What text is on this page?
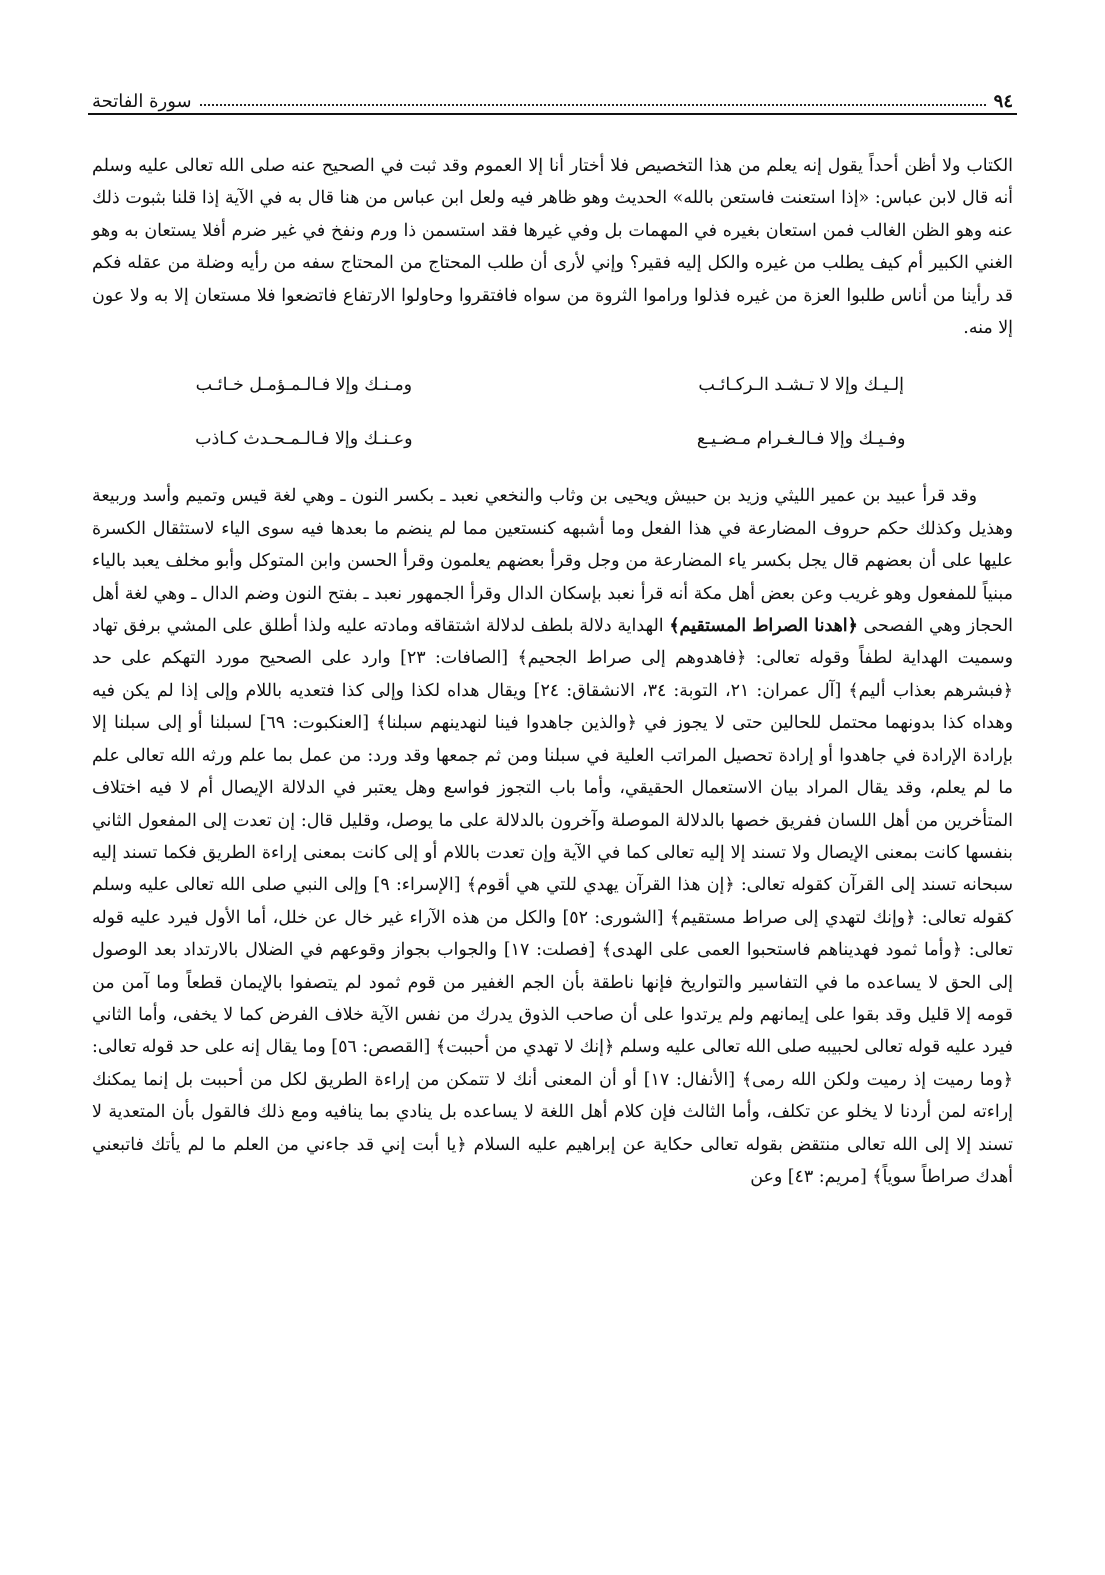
٩٤
سورة الفاتحة

الكتاب ولا أظن أحداً يقول إنه يعلم من هذا التخصيص فلا أختار أنا إلا العموم وقد ثبت في الصحيح عنه صلى الله تعالى عليه وسلم أنه قال لابن عباس: «إذا استعنت فاستعن بالله» الحديث وهو ظاهر فيه ولعل ابن عباس من هنا قال به في الآية إذا قلنا بثبوت ذلك عنه وهو الظن الغالب فمن استعان بغيره في المهمات بل وفي غيرها فقد استسمن ذا ورم ونفخ في غير ضرم أفلا يستعان به وهو الغني الكبير أم كيف يطلب من غيره والكل إليه فقير؟ وإني لأرى أن طلب المحتاج من المحتاج سفه من رأيه وضلة من عقله فكم قد رأينا من أناس طلبوا العزة من غيره فذلوا وراموا الثروة من سواه فافتقروا وحاولوا الارتفاع فاتضعوا فلا مستعان إلا به ولا عون إلا منه.

إلـيـك وإلا لا تـشـد الـركـائـب
ومـنـك وإلا فـالـمـؤمـل خـائـب
وفـيـك وإلا فـالـغـرام مـضـيـع
وعـنـك وإلا فـالـمـحـدث كـاذب

وقد قرأ عبيد بن عمير الليثي وزيد بن حبيش ويحيى بن وثاب والنخعي نعبد ـ بكسر النون ـ وهي لغة قيس وتميم وأسد وربيعة وهذيل وكذلك حكم حروف المضارعة في هذا الفعل وما أشبهه كنستعين مما لم ينضم ما بعدها فيه سوى الياء لاستثقال الكسرة عليها على أن بعضهم قال يجل بكسر ياء المضارعة من وجل وقرأ بعضهم يعلمون وقرأ الحسن وابن المتوكل وأبو مخلف يعبد بالياء مبنياً للمفعول وهو غريب وعن بعض أهل مكة أنه قرأ نعبد بإسكان الدال وقرأ الجمهور نعبد ـ بفتح النون وضم الدال ـ وهي لغة أهل الحجاز وهي الفصحى ﴿اهدنا الصراط المستقيم﴾ الهداية دلالة بلطف لدلالة اشتقاقه ومادته عليه ولذا أطلق على المشي برفق تهاد وسميت الهداية لطفاً وقوله تعالى: ﴿فاهدوهم إلى صراط الجحيم﴾ [الصافات: ٢٣] وارد على الصحيح مورد التهكم على حد ﴿فبشرهم بعذاب أليم﴾ [آل عمران: ٢١، التوبة: ٣٤، الانشقاق: ٢٤] ويقال هداه لكذا وإلى كذا فتعديه باللام وإلى إذا لم يكن فيه وهداه كذا بدونهما محتمل للحالين حتى لا يجوز في ﴿والذين جاهدوا فينا لنهدينهم سبلنا﴾ [العنكبوت: ٦٩] لسبلنا أو إلى سبلنا إلا بإرادة الإرادة في جاهدوا أو إرادة تحصيل المراتب العلية في سبلنا ومن ثم جمعها وقد ورد: من عمل بما علم ورثه الله تعالى علم ما لم يعلم، وقد يقال المراد بيان الاستعمال الحقيقي، وأما باب التجوز فواسع وهل يعتبر في الدلالة الإيصال أم لا فيه اختلاف المتأخرين من أهل اللسان ففريق خصها بالدلالة الموصلة وآخرون بالدلالة على ما يوصل، وقليل قال: إن تعدت إلى المفعول الثاني بنفسها كانت بمعنى الإيصال ولا تسند إلا إليه تعالى كما في الآية وإن تعدت باللام أو إلى كانت بمعنى إراءة الطريق فكما تسند إليه سبحانه تسند إلى القرآن كقوله تعالى: ﴿إن هذا القرآن يهدي للتي هي أقوم﴾ [الإسراء: ٩] وإلى النبي صلى الله تعالى عليه وسلم كقوله تعالى: ﴿وإنك لتهدي إلى صراط مستقيم﴾ [الشورى: ٥٢] والكل من هذه الآراء غير خال عن خلل، أما الأول فيرد عليه قوله تعالى: ﴿وأما ثمود فهديناهم فاستحبوا العمى على الهدى﴾ [فصلت: ١٧] والجواب بجواز وقوعهم في الضلال بالارتداد بعد الوصول إلى الحق لا يساعده ما في التفاسير والتواريخ فإنها ناطقة بأن الجم الغفير من قوم ثمود لم يتصفوا بالإيمان قطعاً وما آمن من قومه إلا قليل وقد بقوا على إيمانهم ولم يرتدوا على أن صاحب الذوق يدرك من نفس الآية خلاف الفرض كما لا يخفى، وأما الثاني فيرد عليه قوله تعالى لحبيبه صلى الله تعالى عليه وسلم ﴿إنك لا تهدي من أحببت﴾ [القصص: ٥٦] وما يقال إنه على حد قوله تعالى: ﴿وما رميت إذ رميت ولكن الله رمى﴾ [الأنفال: ١٧] أو أن المعنى أنك لا تتمكن من إراءة الطريق لكل من أحببت بل إنما يمكنك إراءته لمن أردنا لا يخلو عن تكلف، وأما الثالث فإن كلام أهل اللغة لا يساعده بل ينادي بما ينافيه ومع ذلك فالقول بأن المتعدية لا تسند إلا إلى الله تعالى منتقض بقوله تعالى حكاية عن إبراهيم عليه السلام ﴿يا أبت إني قد جاءني من العلم ما لم يأتك فاتبعني أهدك صراطاً سوياً﴾ [مريم: ٤٣] وعن
